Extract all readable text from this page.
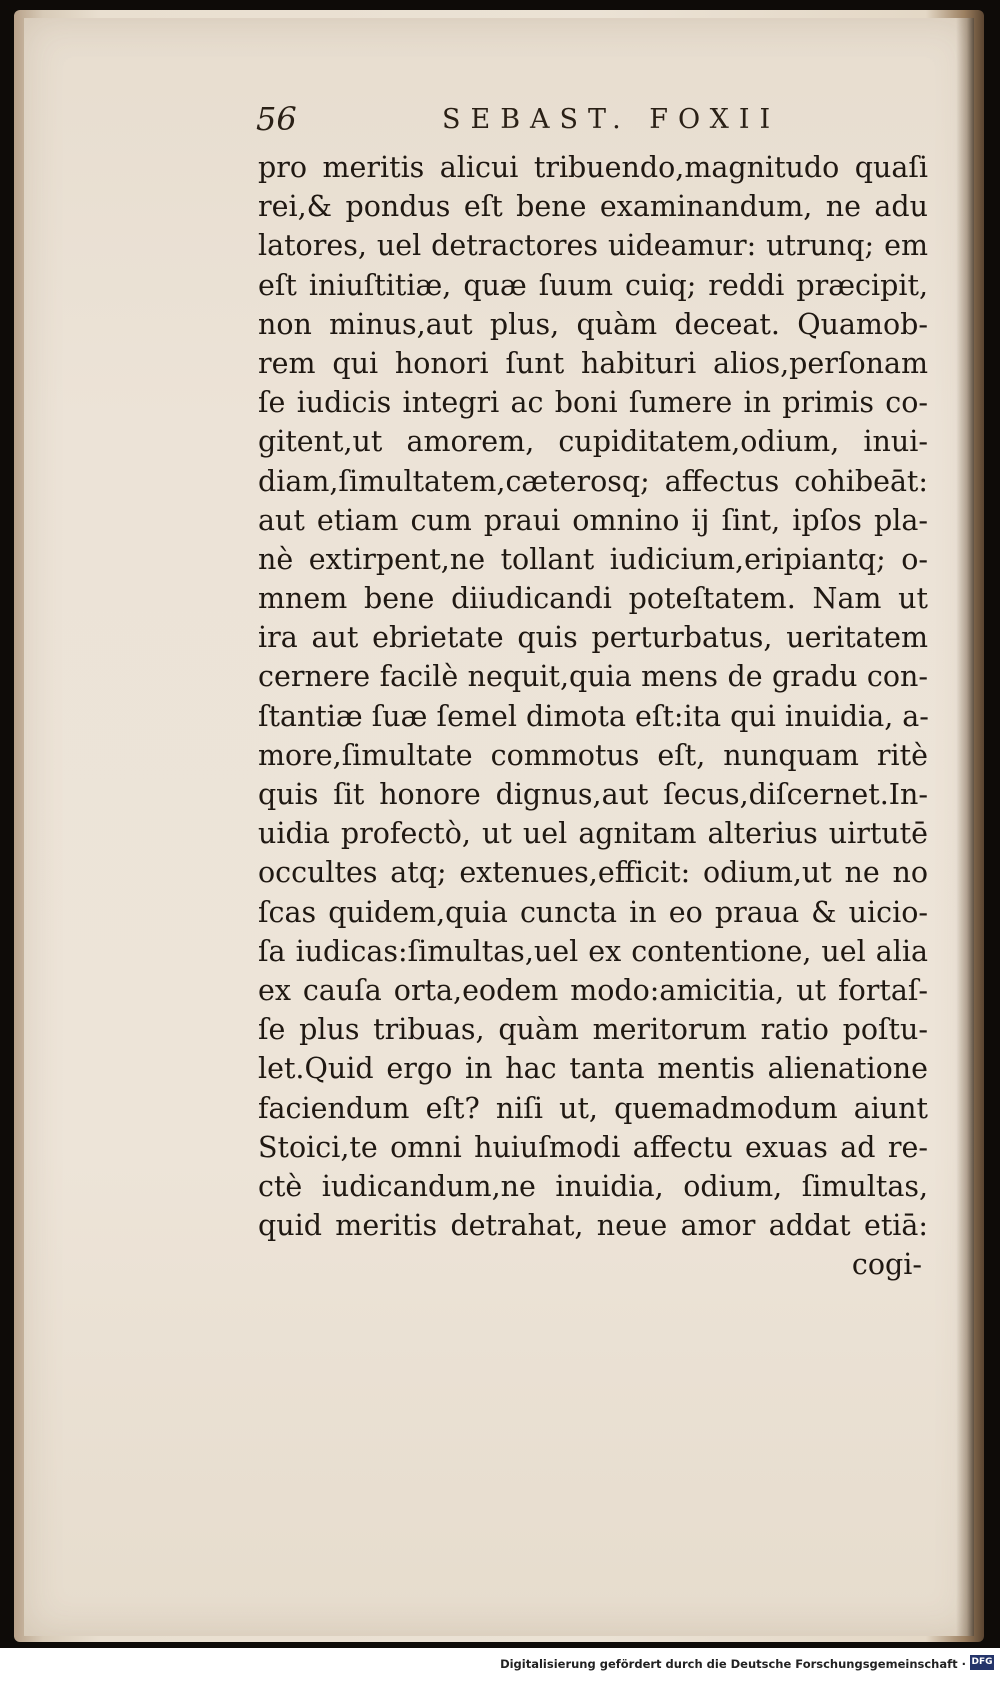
56	SEBAST. FOXII
pro meritis alicui tribuendo,magnitudo quaſi
rei,& pondus eſt bene examinandum, ne adu
latores, uel detractores uideamur: utrunq; em
eſt iniuſtitiæ, quæ ſuum cuiq; reddi præcipit,
non minus,aut plus, quàm deceat. Quamob-
rem qui honori ſunt habituri alios,perſonam
ſe iudicis integri ac boni ſumere in primis co-
gitent,ut amorem, cupiditatem,odium, inui-
diam,ſimultatem,cæterosq; affectus cohibeāt:
aut etiam cum praui omnino ij ſint, ipſos pla-
nè extirpent,ne tollant iudicium,eripiantq; o-
mnem bene diiudicandi poteſtatem. Nam ut
ira aut ebrietate quis perturbatus, ueritatem
cernere facilè nequit,quia mens de gradu con-
ſtantiæ ſuæ ſemel dimota eſt:ita qui inuidia, a-
more,ſimultate commotus eſt, nunquam ritè
quis ſit honore dignus,aut ſecus,diſcernet.In-
uidia profectò, ut uel agnitam alterius uirtutē
occultes atq; extenues,efficit: odium,ut ne no
ſcas quidem,quia cuncta in eo praua & uicio-
ſa iudicas:ſimultas,uel ex contentione, uel alia
ex cauſa orta,eodem modo:amicitia, ut fortaſ-
ſe plus tribuas, quàm meritorum ratio poſtu-
let.Quid ergo in hac tanta mentis alienatione
faciendum eſt? niſi ut, quemadmodum aiunt
Stoici,te omni huiuſmodi affectu exuas ad re-
ctè iudicandum,ne inuidia, odium, ſimultas,
quid meritis detrahat, neue amor addat etiā:
cogi-
Digitalisierung gefördert durch die Deutsche Forschungsgemeinschaft · DFG
